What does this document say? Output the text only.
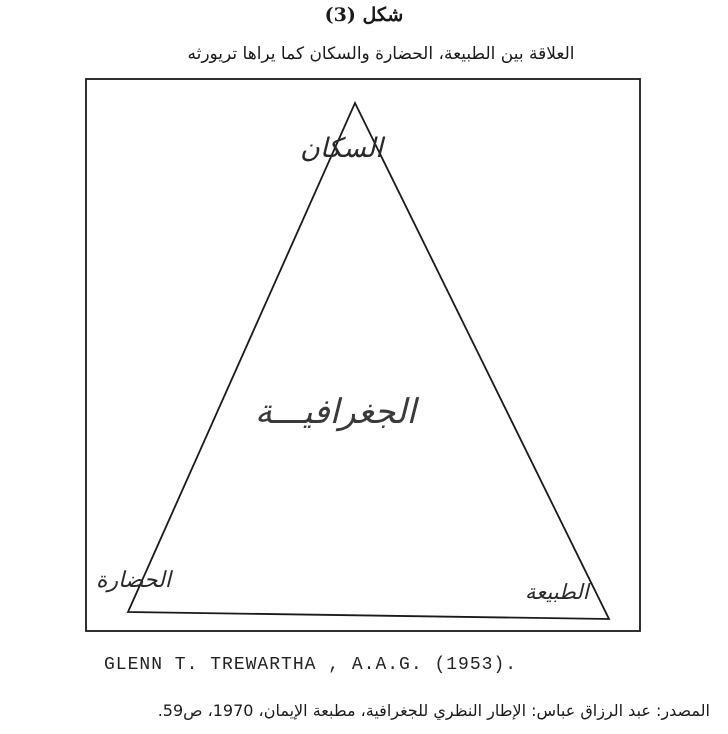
شكل (3)
العلاقة بين الطبيعة، الحضارة والسكان كما يراها تريورثه
السكان
الجغرافيـــة
الحضارة	الطبيعة
GLENN T. TREWARTHA , A.A.G. (1953).
المصدر: عبد الرزاق عباس: الإطار النظري للجغرافية، مطبعة الإيمان، 1970، ص59.
